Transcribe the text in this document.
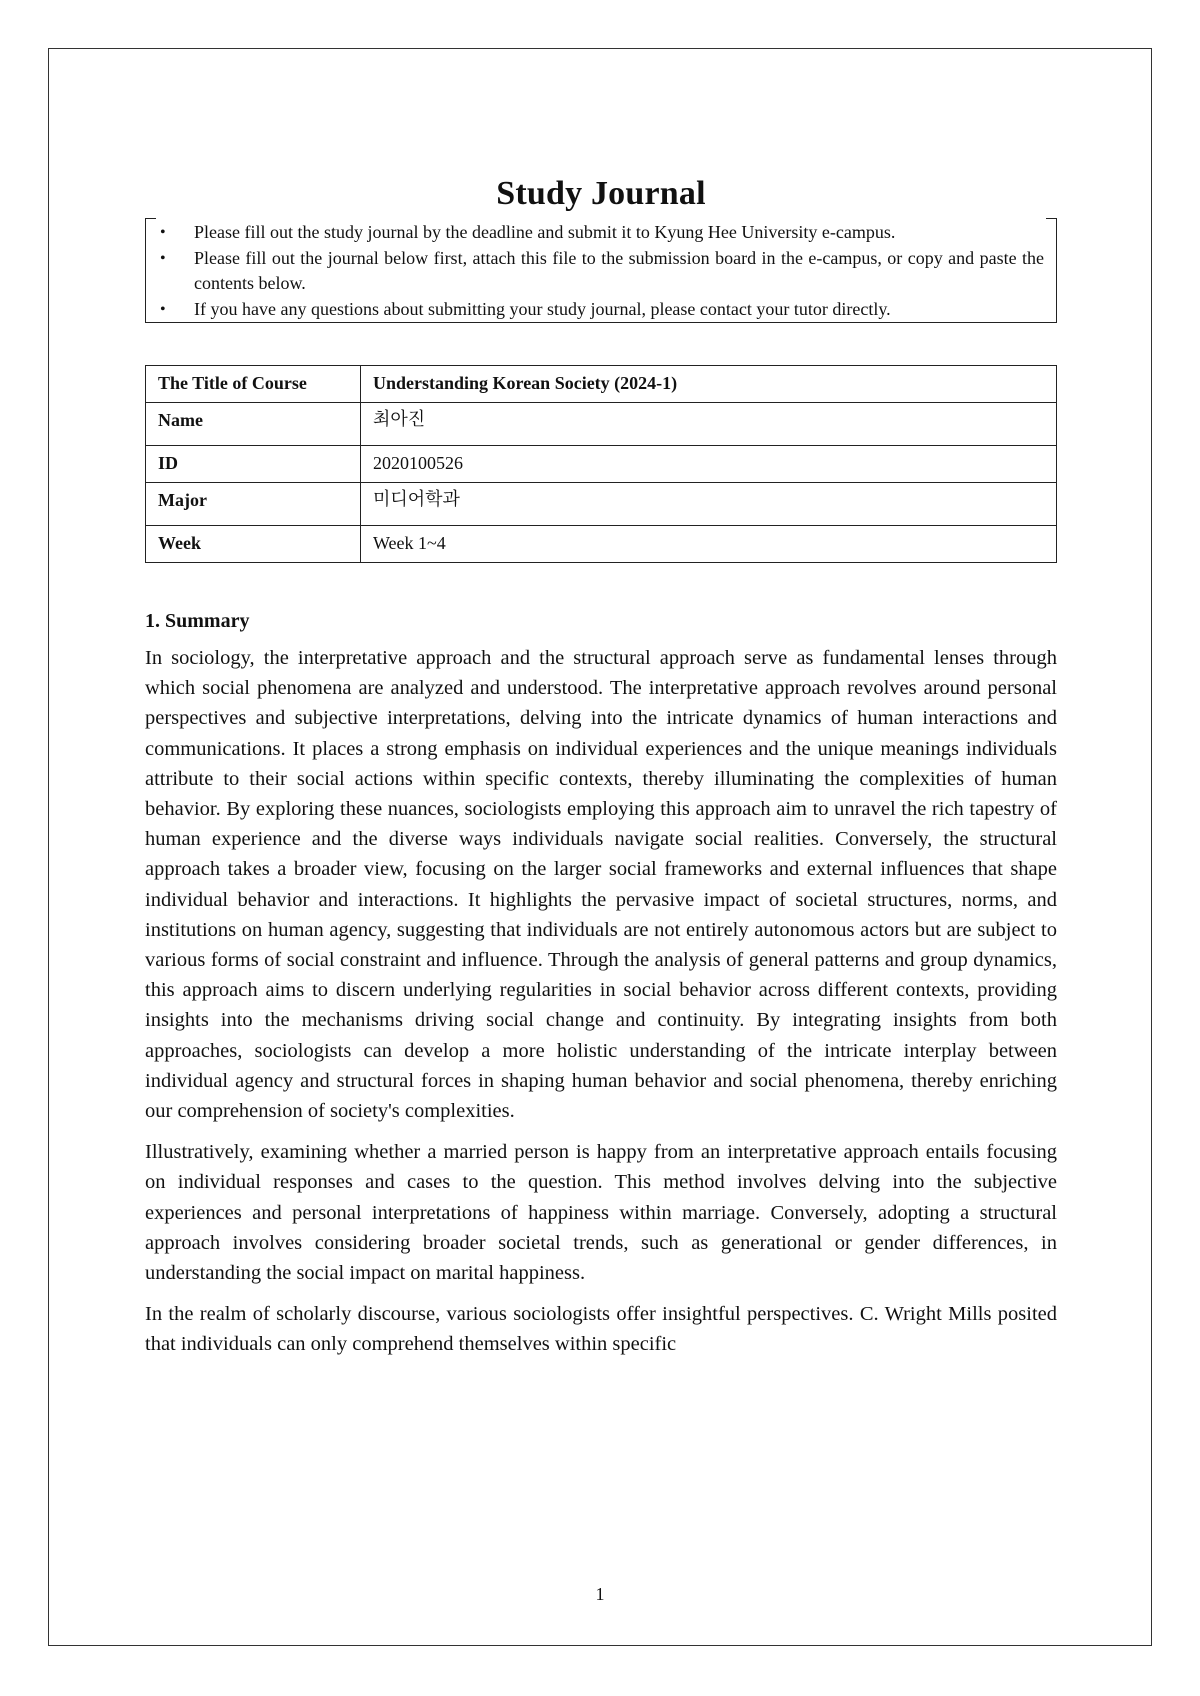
Study Journal
• Please fill out the study journal by the deadline and submit it to Kyung Hee University e-campus.
• Please fill out the journal below first, attach this file to the submission board in the e-campus, or copy and paste the contents below.
• If you have any questions about submitting your study journal, please contact your tutor directly.
The Title of Course	Understanding Korean Society (2024-1)
Name	최아진
ID	2020100526
Major	미디어학과
Week	Week 1~4
1. Summary

In sociology, the interpretative approach and the structural approach serve as fundamental lenses through which social phenomena are analyzed and understood. The interpretative approach revolves around personal perspectives and subjective interpretations, delving into the intricate dynamics of human interactions and communications. It places a strong emphasis on individual experiences and the unique meanings individuals attribute to their social actions within specific contexts, thereby illuminating the complexities of human behavior. By exploring these nuances, sociologists employing this approach aim to unravel the rich tapestry of human experience and the diverse ways individuals navigate social realities. Conversely, the structural approach takes a broader view, focusing on the larger social frameworks and external influences that shape individual behavior and interactions. It highlights the pervasive impact of societal structures, norms, and institutions on human agency, suggesting that individuals are not entirely autonomous actors but are subject to various forms of social constraint and influence. Through the analysis of general patterns and group dynamics, this approach aims to discern underlying regularities in social behavior across different contexts, providing insights into the mechanisms driving social change and continuity. By integrating insights from both approaches, sociologists can develop a more holistic understanding of the intricate interplay between individual agency and structural forces in shaping human behavior and social phenomena, thereby enriching our comprehension of society's complexities.

Illustratively, examining whether a married person is happy from an interpretative approach entails focusing on individual responses and cases to the question. This method involves delving into the subjective experiences and personal interpretations of happiness within marriage. Conversely, adopting a structural approach involves considering broader societal trends, such as generational or gender differences, in understanding the social impact on marital happiness.

In the realm of scholarly discourse, various sociologists offer insightful perspectives. C. Wright Mills posited that individuals can only comprehend themselves within specific

1
